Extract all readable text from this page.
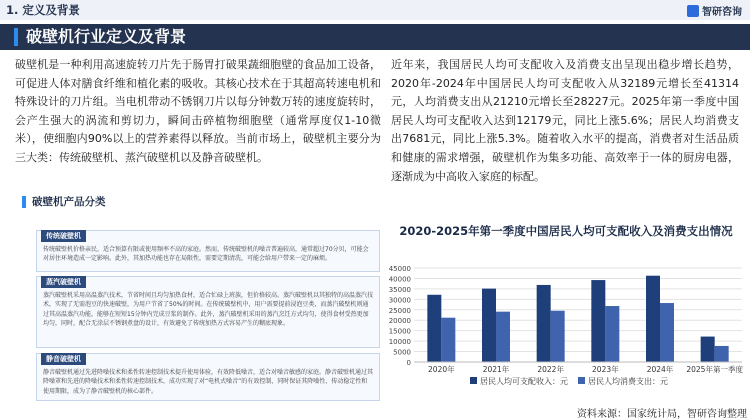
1. 定义及背景	智研咨询
破壁机行业定义及背景

破壁机是一种利用高速旋转刀片先于肠胃打破果蔬细胞壁的食品加工设备，可促进人体对膳食纤维和植化素的吸收。其核心技术在于其超高转速电机和特殊设计的刀片组。当电机带动不锈钢刀片以每分钟数万转的速度旋转时，会产生强大的涡流和剪切力，瞬间击碎植物细胞壁（通常厚度仅1-10微米），使细胞内90%以上的营养素得以释放。当前市场上，破壁机主要分为三大类：传统破壁机、蒸汽破壁机以及静音破壁机。

近年来，我国居民人均可支配收入及消费支出呈现出稳步增长趋势，2020年-2024年中国居民人均可支配收入从32189元增长至41314元，人均消费支出从21210元增长至28227元。2025年第一季度中国居民人均可支配收入达到12179元，同比上涨5.6%；居民人均消费支出7681元，同比上涨5.3%。随着收入水平的提高，消费者对生活品质和健康的需求增强，破壁机作为集多功能、高效率于一体的厨房电器，逐渐成为中高收入家庭的标配。

破壁机产品分类
传统破壁机
传统破壁机价格亲民，适合预算有限或使用频率不高的家庭。然而，传统破壁机的噪音普遍较高，通常超过70分贝，可能会对居住环境造成一定影响。此外，其加热功能也存在局限性，需要定期清洗，可能会给用户带来一定的麻烦。
蒸汽破壁机
蒸汽破壁机采用高温蒸汽技术，节省时间且均匀加热食材，适合忙碌上班族，但价格较高。蒸汽破壁机以其独特的高温蒸汽技术，实现了无需泡豆的快速破壁，为用户节省了50%的时间。在传统破壁机中，用户需要提前浸泡豆类，而蒸汽破壁机则通过其高温蒸汽功能，能够在短短15分钟内完成豆浆的制作。此外，蒸汽破壁机采用的蒸汽烹饪方式均匀，使得食材受热更加均匀，同时，配合无涂层不锈钢煮盘的设计，有效避免了传统加热方式容易产生的糊底现象。
静音破壁机
静音破壁机通过先进降噪技术和柔性转速控制技术提升使用体验，有效降低噪音，适合对噪音敏感的家庭。静音破壁机通过其降噪罩和先进的降噪技术和柔性转速控制技术，成功实现了对“电机式噪音”的有效控制，同时保证其降噪性、传动稳定性和使用期限，成为了静音破壁机的核心部件。
2020-2025年第一季度中国居民人均可支配收入及消费支出情况
0
5000
10000
15000
20000
25000
30000
35000
40000
45000
2020年	2021年	2022年	2023年	2024年 2025年第一季度
居民人均可支配收入：元	居民人均消费支出：元
资料来源：国家统计局，智研咨询整理
